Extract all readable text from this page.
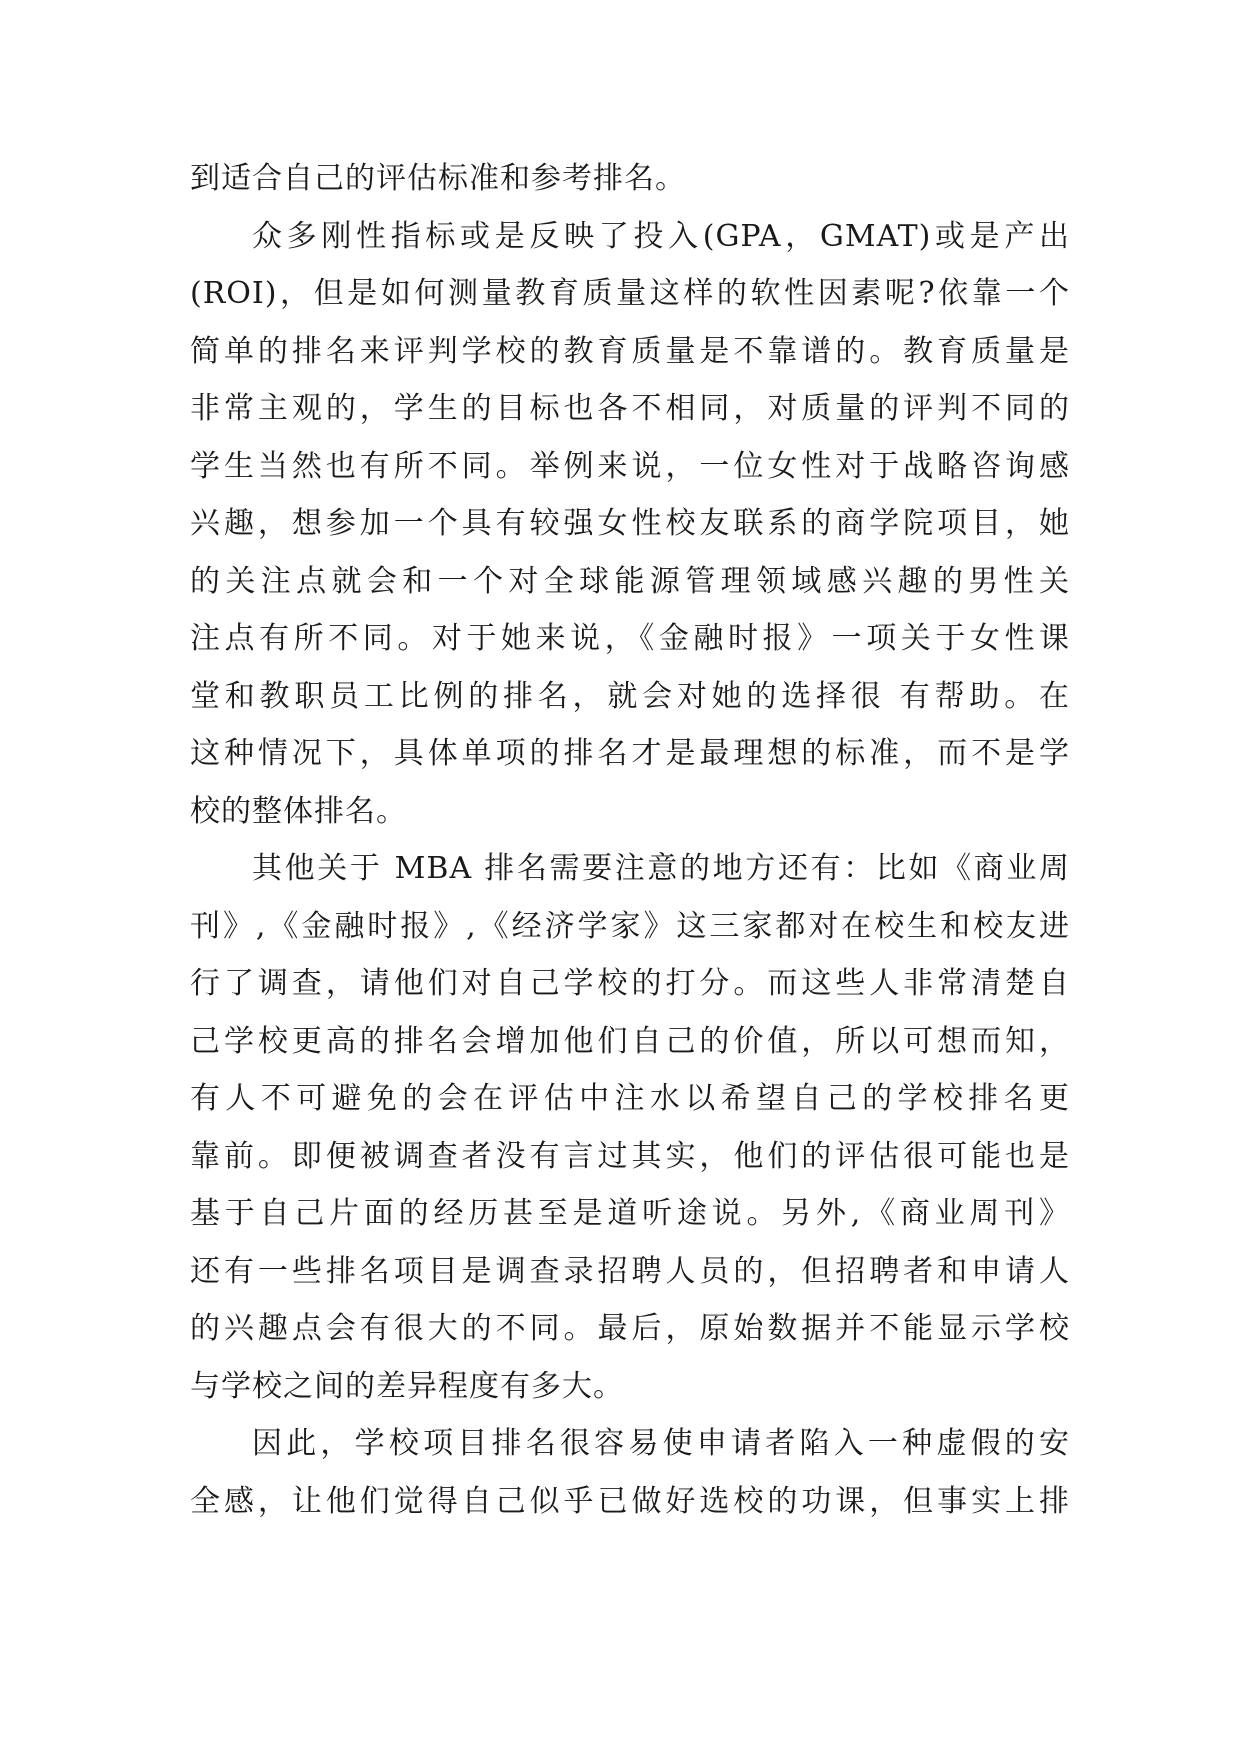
到适合自己的评估标准和参考排名。
众多刚性指标或是反映了投入(GPA，GMAT)或是产出
(ROI)，但是如何测量教育质量这样的软性因素呢?依靠一个
简单的排名来评判学校的教育质量是不靠谱的。教育质量是
非常主观的，学生的目标也各不相同，对质量的评判不同的
学生当然也有所不同。举例来说，一位女性对于战略咨询感
兴趣，想参加一个具有较强女性校友联系的商学院项目，她
的关注点就会和一个对全球能源管理领域感兴趣的男性关
注点有所不同。对于她来说，《金融时报》一项关于女性课
堂和教职员工比例的排名，就会对她的选择很 有帮助。在
这种情况下，具体单项的排名才是最理想的标准，而不是学
校的整体排名。
其他关于 MBA 排名需要注意的地方还有：比如《商业周
刊》,《金融时报》,《经济学家》这三家都对在校生和校友进
行了调查，请他们对自己学校的打分。而这些人非常清楚自
己学校更高的排名会增加他们自己的价值，所以可想而知，
有人不可避免的会在评估中注水以希望自己的学校排名更
靠前。即便被调查者没有言过其实，他们的评估很可能也是
基于自己片面的经历甚至是道听途说。另外,《商业周刊》
还有一些排名项目是调查录招聘人员的，但招聘者和申请人
的兴趣点会有很大的不同。最后，原始数据并不能显示学校
与学校之间的差异程度有多大。
因此，学校项目排名很容易使申请者陷入一种虚假的安
全感，让他们觉得自己似乎已做好选校的功课，但事实上排
